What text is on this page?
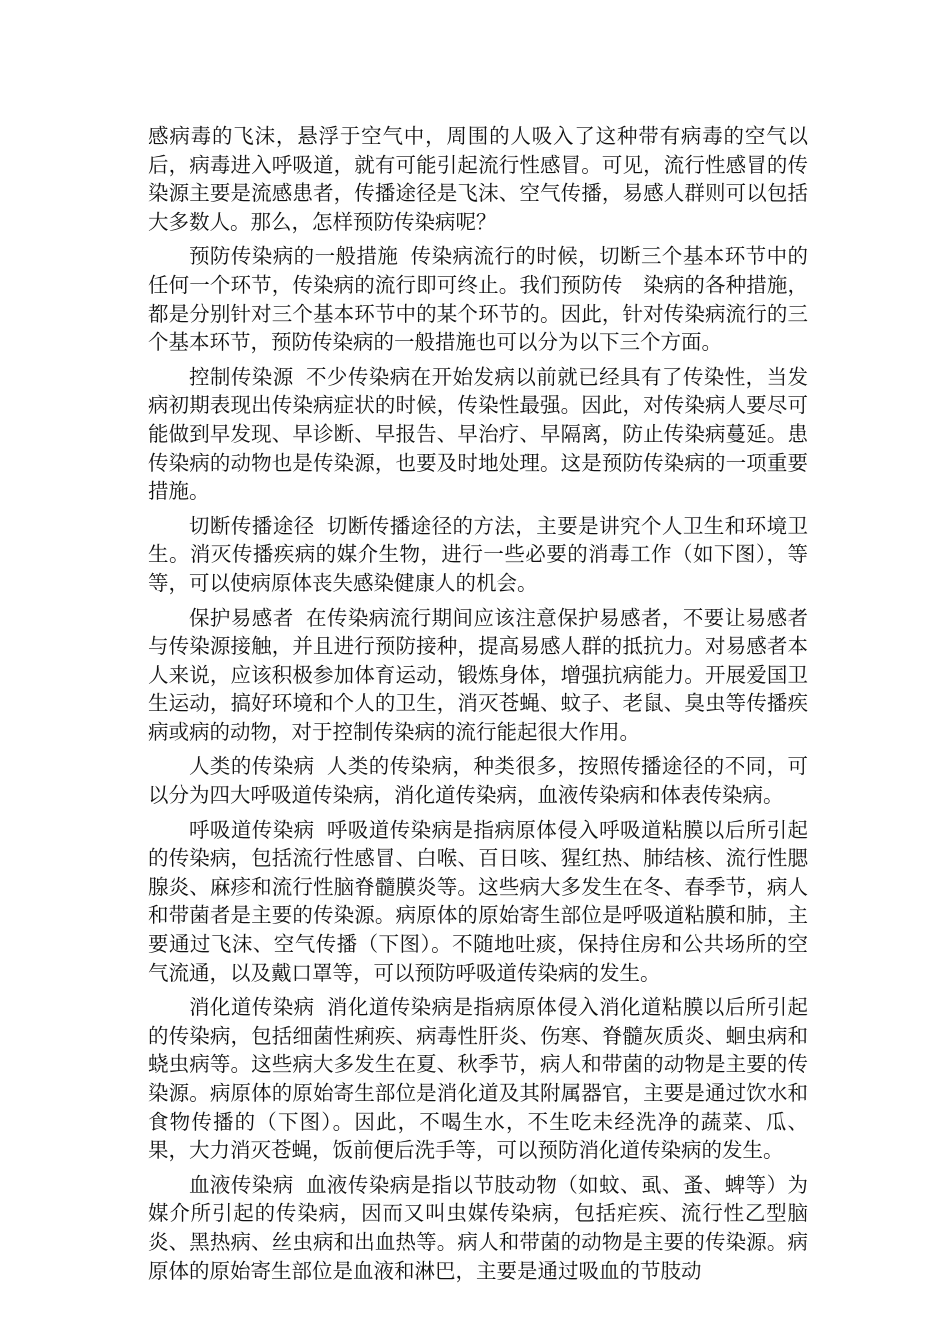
感病毒的飞沫，悬浮于空气中，周围的人吸入了这种带有病毒的空气以后，病毒进入呼吸道，就有可能引起流行性感冒。可见，流行性感冒的传染源主要是流感患者，传播途径是飞沫、空气传播，易感人群则可以包括大多数人。那么，怎样预防传染病呢？

预防传染病的一般措施 传染病流行的时候，切断三个基本环节中的任何一个环节，传染病的流行即可终止。我们预防传　染病的各种措施，都是分别针对三个基本环节中的某个环节的。因此，针对传染病流行的三个基本环节，预防传染病的一般措施也可以分为以下三个方面。

控制传染源 不少传染病在开始发病以前就已经具有了传染性，当发病初期表现出传染病症状的时候，传染性最强。因此，对传染病人要尽可能做到早发现、早诊断、早报告、早治疗、早隔离，防止传染病蔓延。患传染病的动物也是传染源，也要及时地处理。这是预防传染病的一项重要措施。

切断传播途径 切断传播途径的方法，主要是讲究个人卫生和环境卫生。消灭传播疾病的媒介生物，进行一些必要的消毒工作（如下图），等等，可以使病原体丧失感染健康人的机会。

保护易感者 在传染病流行期间应该注意保护易感者，不要让易感者与传染源接触，并且进行预防接种，提高易感人群的抵抗力。对易感者本人来说，应该积极参加体育运动，锻炼身体，增强抗病能力。开展爱国卫生运动，搞好环境和个人的卫生，消灭苍蝇、蚊子、老鼠、臭虫等传播疾病或病的动物，对于控制传染病的流行能起很大作用。

人类的传染病 人类的传染病，种类很多，按照传播途径的不同，可以分为四大呼吸道传染病，消化道传染病，血液传染病和体表传染病。

呼吸道传染病 呼吸道传染病是指病原体侵入呼吸道粘膜以后所引起的传染病，包括流行性感冒、白喉、百日咳、猩红热、肺结核、流行性腮腺炎、麻疹和流行性脑脊髓膜炎等。这些病大多发生在冬、春季节，病人和带菌者是主要的传染源。病原体的原始寄生部位是呼吸道粘膜和肺，主要通过飞沫、空气传播（下图）。不随地吐痰，保持住房和公共场所的空气流通，以及戴口罩等，可以预防呼吸道传染病的发生。

消化道传染病 消化道传染病是指病原体侵入消化道粘膜以后所引起的传染病，包括细菌性痢疾、病毒性肝炎、伤寒、脊髓灰质炎、蛔虫病和蛲虫病等。这些病大多发生在夏、秋季节，病人和带菌的动物是主要的传染源。病原体的原始寄生部位是消化道及其附属器官，主要是通过饮水和食物传播的（下图）。因此，不喝生水，不生吃未经洗净的蔬菜、瓜、果，大力消灭苍蝇，饭前便后洗手等，可以预防消化道传染病的发生。

血液传染病 血液传染病是指以节肢动物（如蚊、虱、蚤、蜱等）为媒介所引起的传染病，因而又叫虫媒传染病，包括疟疾、流行性乙型脑炎、黑热病、丝虫病和出血热等。病人和带菌的动物是主要的传染源。病原体的原始寄生部位是血液和淋巴，主要是通过吸血的节肢动
